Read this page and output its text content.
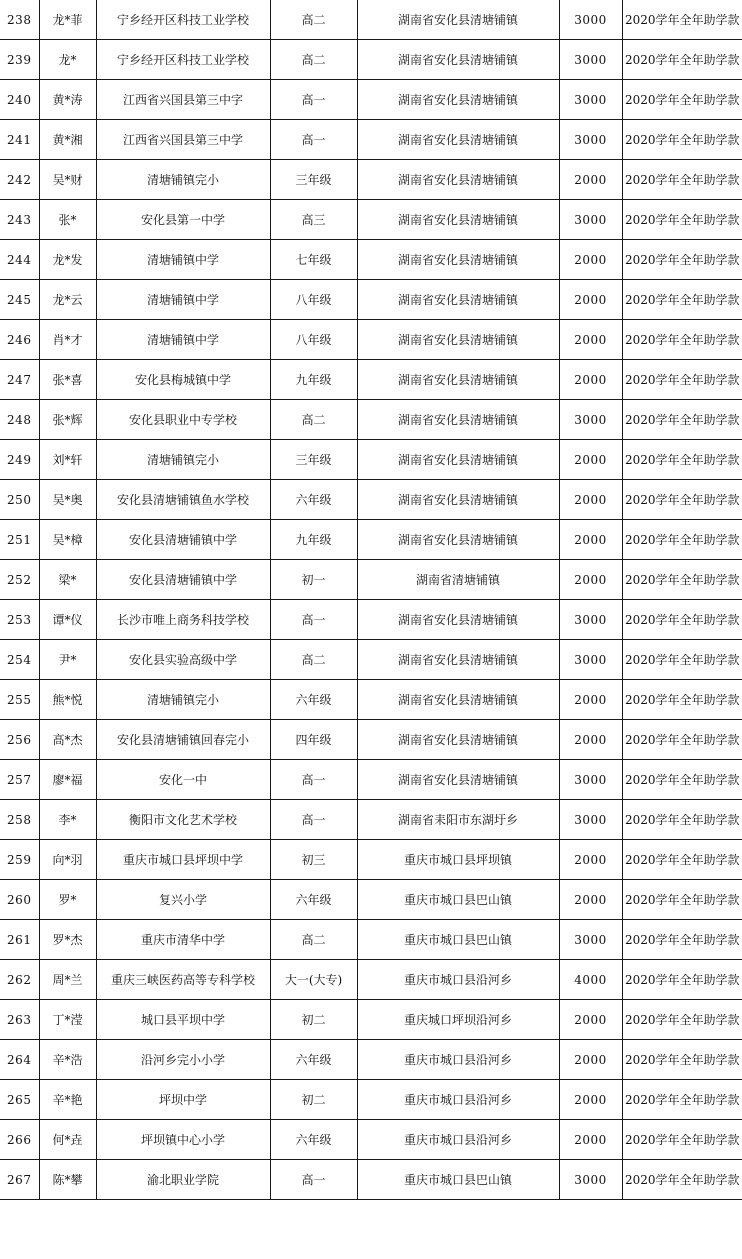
238	龙*菲	宁乡经开区科技工业学校	高二	湖南省安化县清塘铺镇	3000	2020学年全年助学款
239	龙*	宁乡经开区科技工业学校	高二	湖南省安化县清塘铺镇	3000	2020学年全年助学款
240	黄*涛	江西省兴国县第三中字	高一	湖南省安化县清塘铺镇	3000	2020学年全年助学款
241	黄*湘	江西省兴国县第三中学	高一	湖南省安化县清塘铺镇	3000	2020学年全年助学款
242	吴*财	清塘铺镇完小	三年级	湖南省安化县清塘铺镇	2000	2020学年全年助学款
243	张*	安化县第一中学	高三	湖南省安化县清塘铺镇	3000	2020学年全年助学款
244	龙*发	清塘铺镇中学	七年级	湖南省安化县清塘铺镇	2000	2020学年全年助学款
245	龙*云	清塘铺镇中学	八年级	湖南省安化县清塘铺镇	2000	2020学年全年助学款
246	肖*才	清塘铺镇中学	八年级	湖南省安化县清塘铺镇	2000	2020学年全年助学款
247	张*喜	安化县梅城镇中学	九年级	湖南省安化县清塘铺镇	2000	2020学年全年助学款
248	张*辉	安化县职业中专学校	高二	湖南省安化县清塘铺镇	3000	2020学年全年助学款
249	刘*轩	清塘铺镇完小	三年级	湖南省安化县清塘铺镇	2000	2020学年全年助学款
250	吴*奥	安化县清塘铺镇鱼水学校	六年级	湖南省安化县清塘铺镇	2000	2020学年全年助学款
251	吴*樟	安化县清塘铺镇中学	九年级	湖南省安化县清塘铺镇	2000	2020学年全年助学款
252	梁*	安化县清塘铺镇中学	初一	湖南省清塘铺镇	2000	2020学年全年助学款
253	谭*仪	长沙市唯上商务科技学校	高一	湖南省安化县清塘铺镇	3000	2020学年全年助学款
254	尹*	安化县实验高级中学	高二	湖南省安化县清塘铺镇	3000	2020学年全年助学款
255	熊*悦	清塘铺镇完小	六年级	湖南省安化县清塘铺镇	2000	2020学年全年助学款
256	高*杰	安化县清塘铺镇回春完小	四年级	湖南省安化县清塘铺镇	2000	2020学年全年助学款
257	廖*福	安化一中	高一	湖南省安化县清塘铺镇	3000	2020学年全年助学款
258	李*	衡阳市文化艺术学校	高一	湖南省耒阳市东湖圩乡	3000	2020学年全年助学款
259	向*羽	重庆市城口县坪坝中学	初三	重庆市城口县坪坝镇	2000	2020学年全年助学款
260	罗*	复兴小学	六年级	重庆市城口县巴山镇	2000	2020学年全年助学款
261	罗*杰	重庆市清华中学	高二	重庆市城口县巴山镇	3000	2020学年全年助学款
262	周*兰	重庆三峡医药高等专科学校	大一(大专)	重庆市城口县沿河乡	4000	2020学年全年助学款
263	丁*滢	城口县平坝中学	初二	重庆城口坪坝沿河乡	2000	2020学年全年助学款
264	辛*浩	沿河乡完小小学	六年级	重庆市城口县沿河乡	2000	2020学年全年助学款
265	辛*艳	坪坝中学	初二	重庆市城口县沿河乡	2000	2020学年全年助学款
266	何*垚	坪坝镇中心小学	六年级	重庆市城口县沿河乡	2000	2020学年全年助学款
267	陈*攀	渝北职业学院	高一	重庆市城口县巴山镇	3000	2020学年全年助学款
